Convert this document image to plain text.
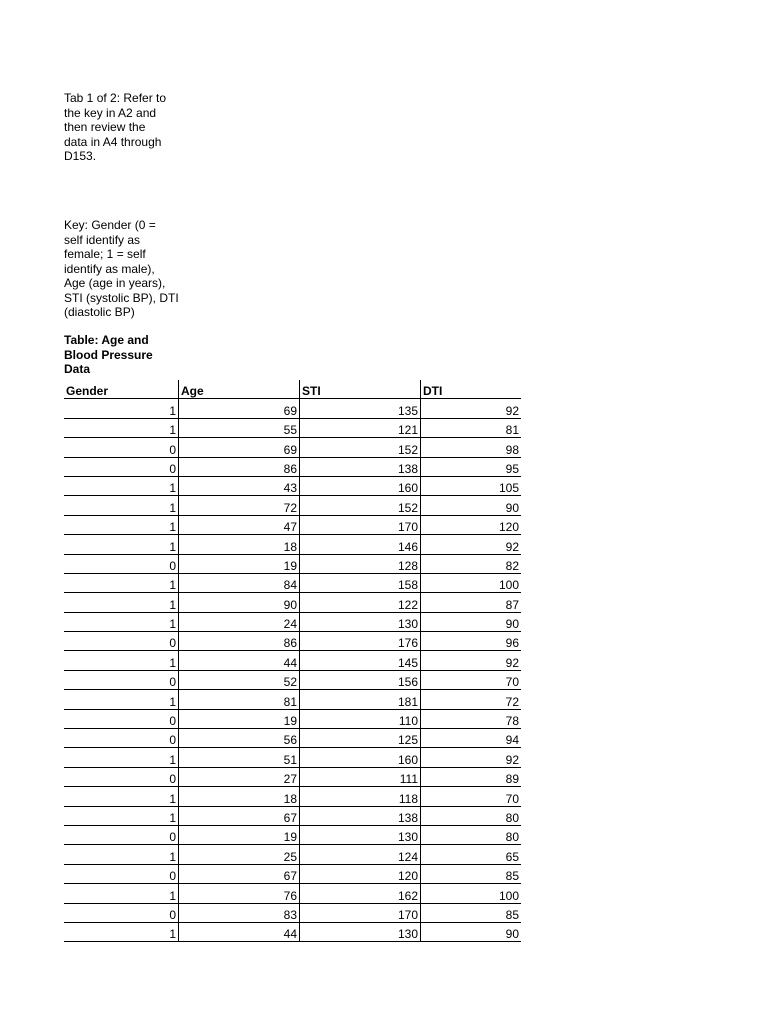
Tab 1 of 2: Refer to
the key in A2 and
then review the
data in A4 through
D153.
Key: Gender (0 =
self identify as
female; 1 = self
identify as male),
Age (age in years),
STI (systolic BP), DTI
(diastolic BP)
Table: Age and
Blood Pressure
Data
Gender	Age	STI	DTI
1	69	135	92
1	55	121	81
0	69	152	98
0	86	138	95
1	43	160	105
1	72	152	90
1	47	170	120
1	18	146	92
0	19	128	82
1	84	158	100
1	90	122	87
1	24	130	90
0	86	176	96
1	44	145	92
0	52	156	70
1	81	181	72
0	19	110	78
0	56	125	94
1	51	160	92
0	27	111	89
1	18	118	70
1	67	138	80
0	19	130	80
1	25	124	65
0	67	120	85
1	76	162	100
0	83	170	85
1	44	130	90
